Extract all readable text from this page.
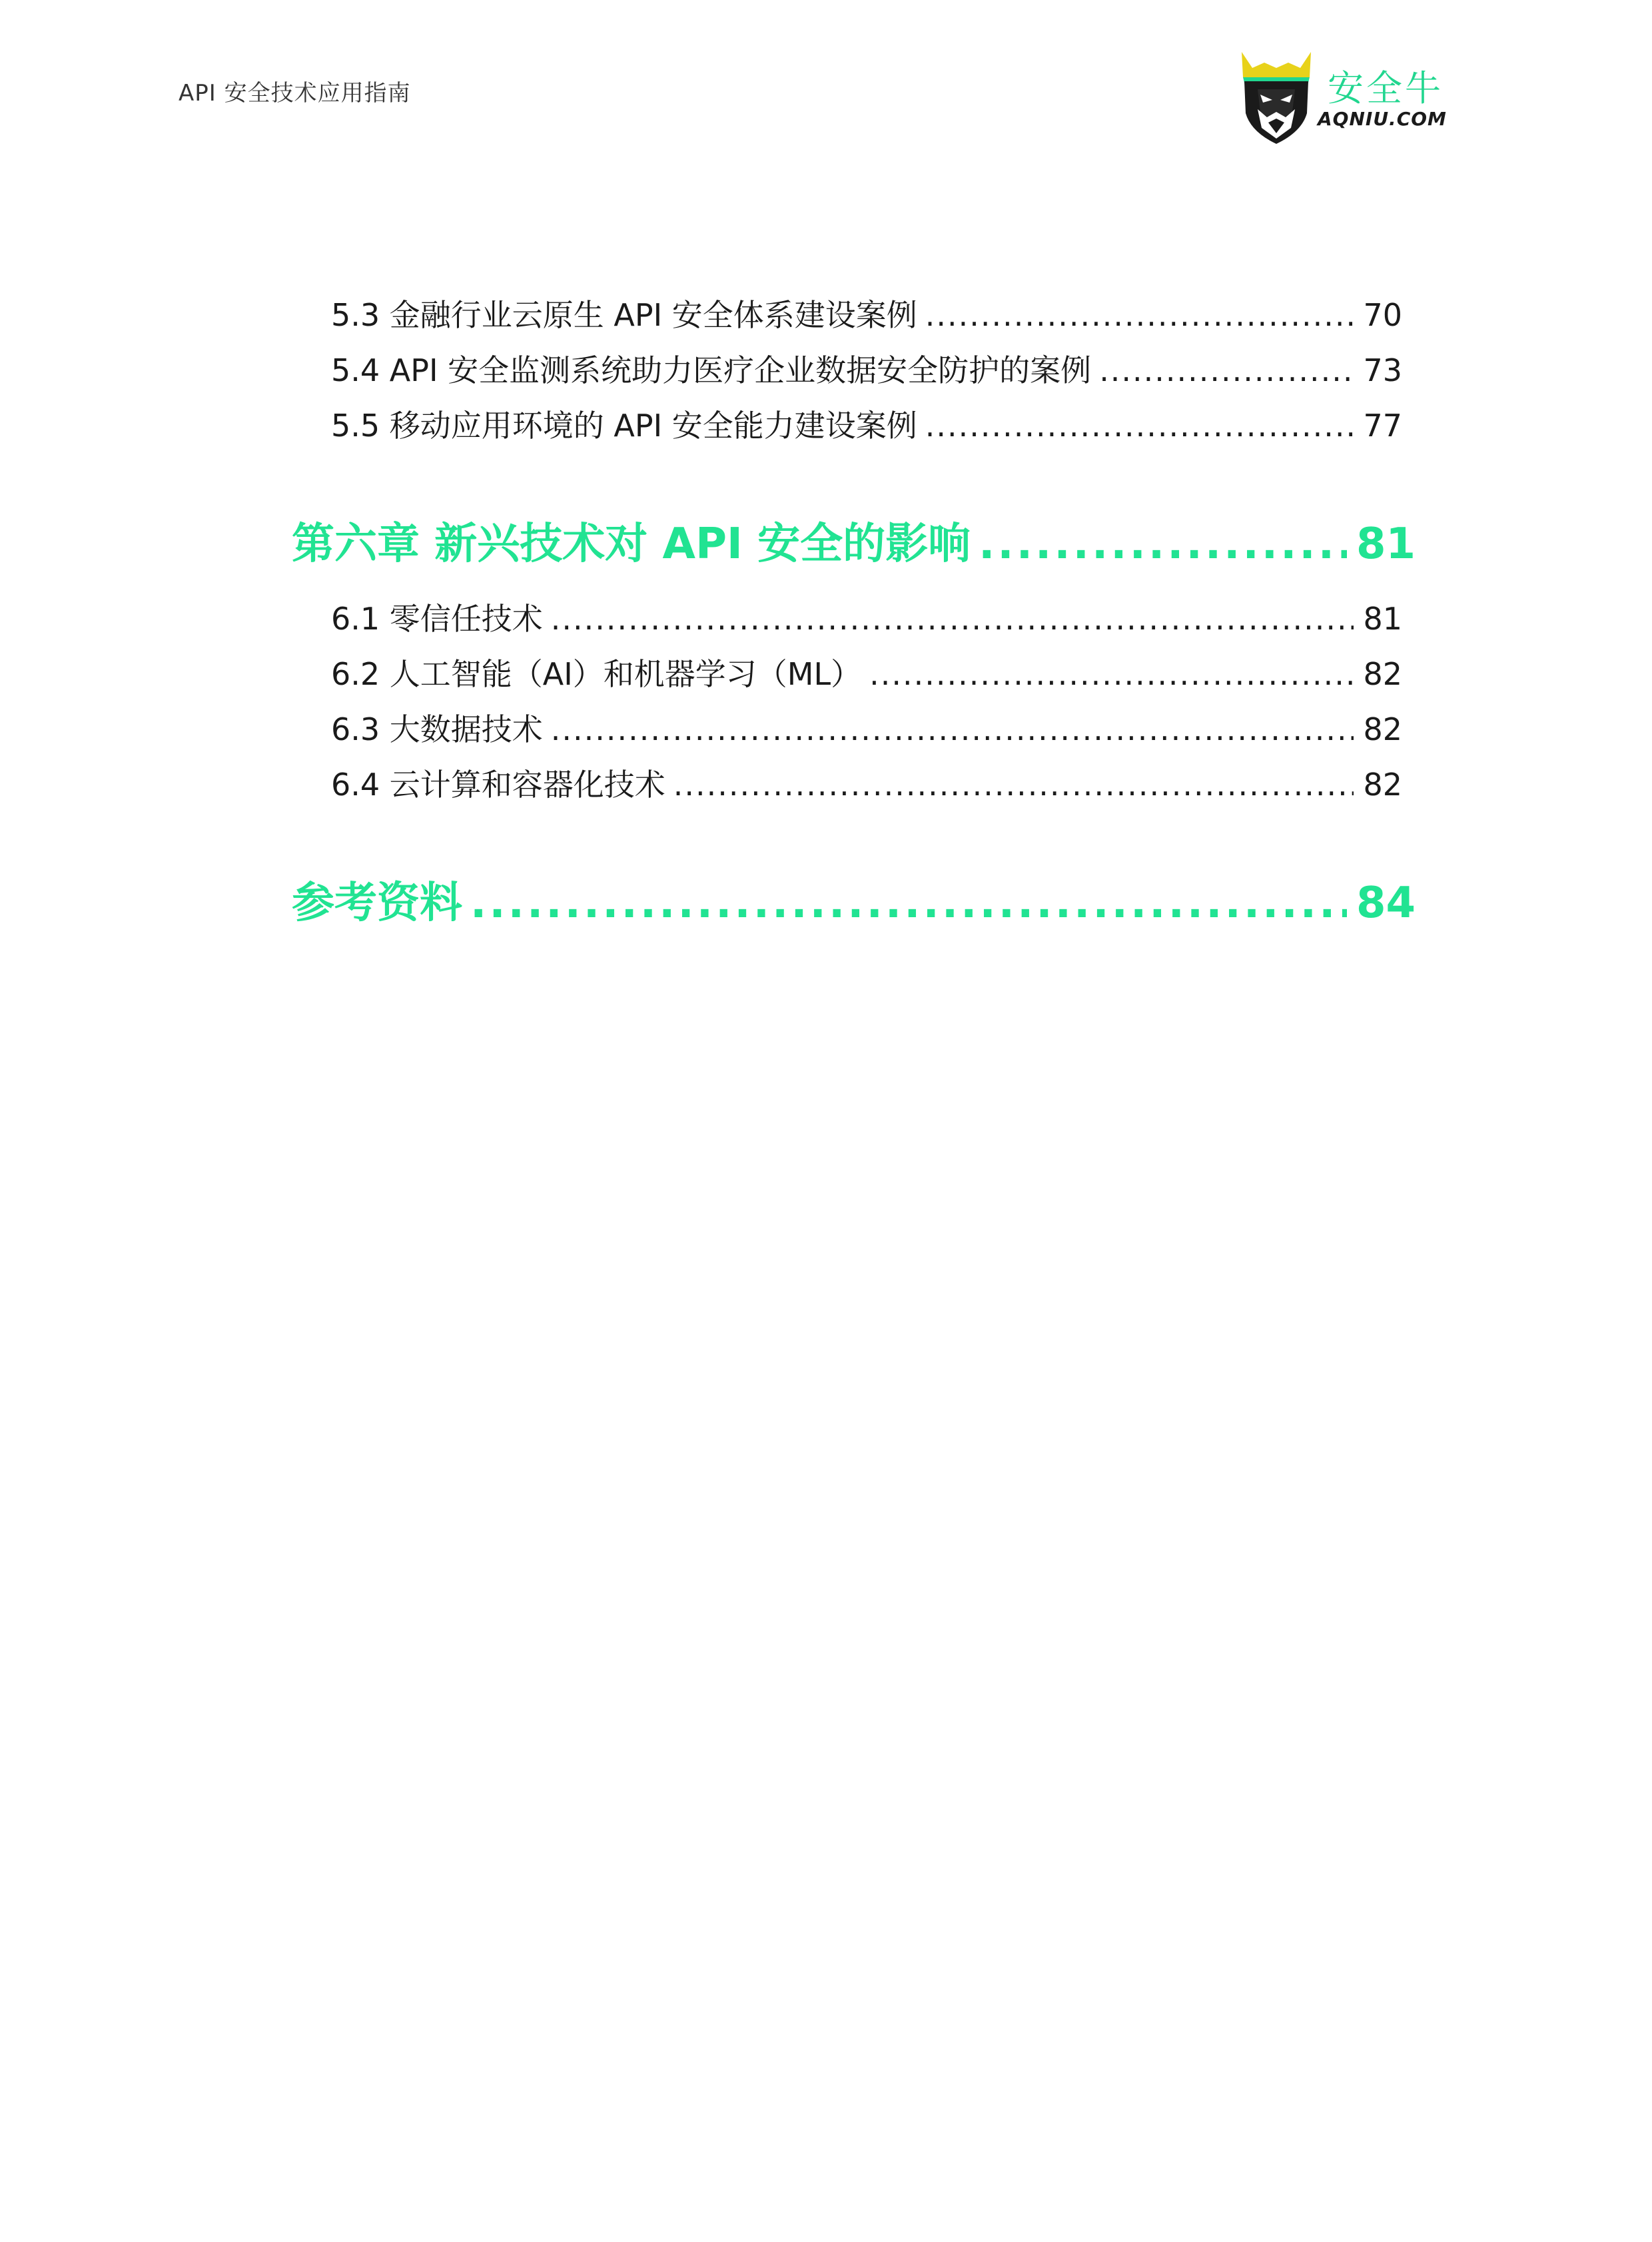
API 安全技术应用指南	安全牛
AQNIU.COM
5.3 金融行业云原生 API 安全体系建设案例 .....	70
5.4 API 安全监测系统助力医疗企业数据安全防护的案例 .....	73
5.5 移动应用环境的 API 安全能力建设案例 .....	77
第六章 新兴技术对 API 安全的影响 .....	81
6.1 零信任技术 .....	81
6.2 人工智能（AI）和机器学习（ML） .....	82
6.3 大数据技术 .....	82
6.4 云计算和容器化技术 .....	82
参考资料 .....	84
